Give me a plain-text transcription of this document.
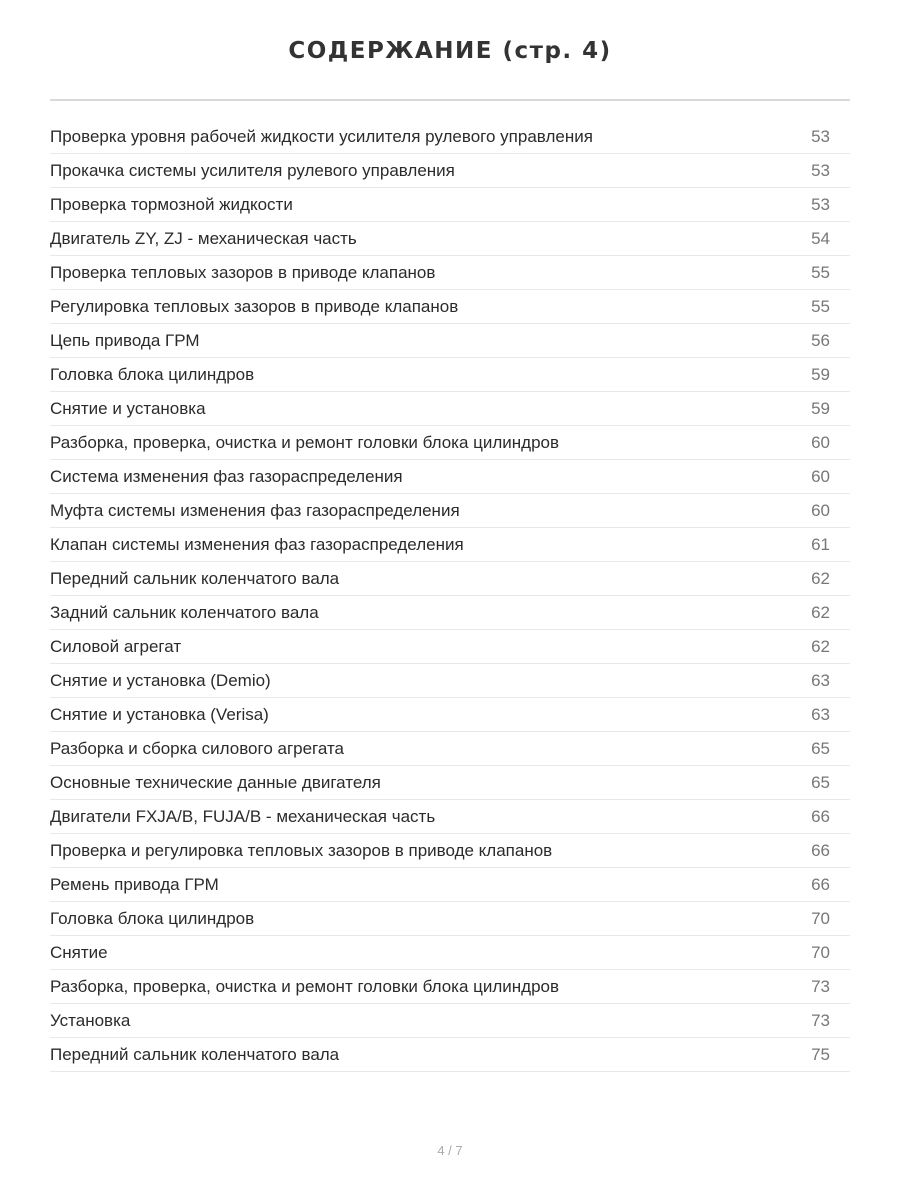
СОДЕРЖАНИЕ (стр. 4)
Проверка уровня рабочей жидкости усилителя рулевого управления	53
Прокачка системы усилителя рулевого управления	53
Проверка тормозной жидкости	53
Двигатель ZY, ZJ - механическая часть	54
Проверка тепловых зазоров в приводе клапанов	55
Регулировка тепловых зазоров в приводе клапанов	55
Цепь привода ГРМ	56
Головка блока цилиндров	59
Снятие и установка	59
Разборка, проверка, очистка и ремонт головки блока цилиндров	60
Система изменения фаз газораспределения	60
Муфта системы изменения фаз газораспределения	60
Клапан системы изменения фаз газораспределения	61
Передний сальник коленчатого вала	62
Задний сальник коленчатого вала	62
Силовой агрегат	62
Снятие и установка (Demio)	63
Снятие и установка (Verisa)	63
Разборка и сборка силового агрегата	65
Основные технические данные двигателя	65
Двигатели FXJA/B, FUJA/B - механическая часть	66
Проверка и регулировка тепловых зазоров в приводе клапанов	66
Ремень привода ГРМ	66
Головка блока цилиндров	70
Снятие	70
Разборка, проверка, очистка и ремонт головки блока цилиндров	73
Установка	73
Передний сальник коленчатого вала	75
4 / 7
